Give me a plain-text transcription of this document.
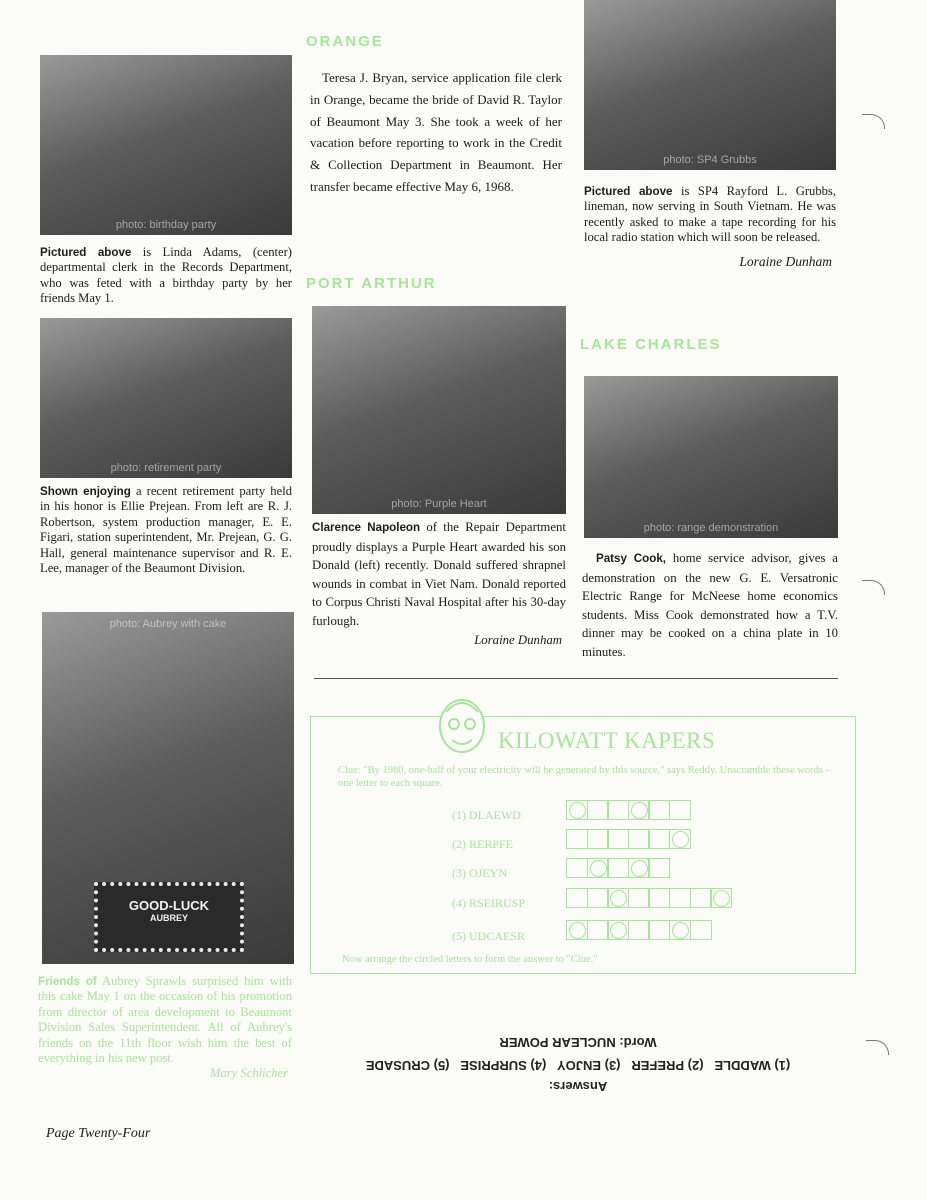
photo: birthday party
Pictured above is Linda Adams, (center) departmental clerk in the Records Department, who was feted with a birthday party by her friends May 1.
photo: retirement party
Shown enjoying a recent retirement party held in his honor is Ellie Prejean. From left are R. J. Robertson, system production manager, E. E. Figari, station superintendent, Mr. Prejean, G. G. Hall, general maintenance supervisor and R. E. Lee, manager of the Beaumont Division.
GOOD-LUCK
AUBREY
photo: Aubrey with cake
Friends of Aubrey Sprawls surprised him with this cake May 1 on the occasion of his promotion from director of area development to Beaumont Division Sales Superintendent. All of Aubrey's friends on the 11th floor wish him the best of everything in his new post.
Mary Schlicher
ORANGE
Teresa J. Bryan, service application file clerk in Orange, became the bride of David R. Taylor of Beaumont May 3. She took a week of her vacation before reporting to work in the Credit & Collection Department in Beaumont. Her transfer became effective May 6, 1968.
PORT ARTHUR
photo: Purple Heart
Clarence Napoleon of the Repair Department proudly displays a Purple Heart awarded his son Donald (left) recently. Donald suffered shrapnel wounds in combat in Viet Nam. Donald reported to Corpus Christi Naval Hospital after his 30-day furlough.
Loraine Dunham
photo: SP4 Grubbs
Pictured above is SP4 Rayford L. Grubbs, lineman, now serving in South Vietnam. He was recently asked to make a tape recording for his local radio station which will soon be released.
Loraine Dunham
LAKE CHARLES
photo: range demonstration
Patsy Cook, home service advisor, gives a demonstration on the new G. E. Versatronic Electric Range for McNeese home economics students. Miss Cook demonstrated how a T.V. dinner may be cooked on a china plate in 10 minutes.
KILOWATT KAPERS
Clue: "By 1980, one-half of your electricity will be generated by this source," says Reddy. Unscramble these words - one letter to each square.
(1) DLAEWD
(2) RERPFE
(3) OJEYN
(4) RSEIRUSP
(5) UDCAESR
Now arrange the circled letters to form the answer to "Clue."
Answers:
(1) WADDLE   (2) PREFER   (3) ENJOY   (4) SURPRISE   (5) CRUSADE
Word: NUCLEAR POWER
Page Twenty-Four
